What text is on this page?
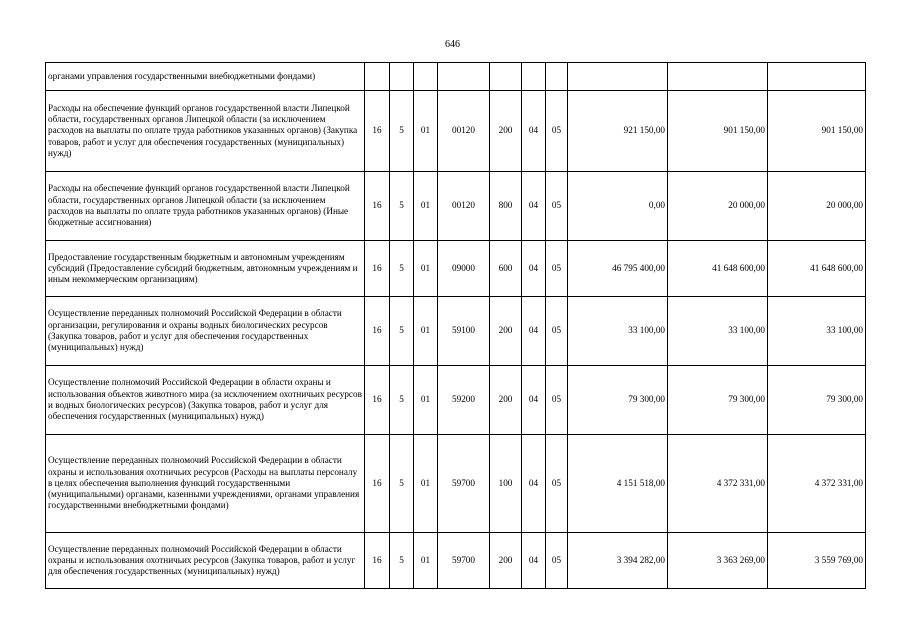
646
органами управления государственными внебюджетными фондами)										
Расходы на обеспечение функций органов государственной власти Липецкой области, государственных органов Липецкой области (за исключением расходов на выплаты по оплате труда работников указанных органов) (Закупка товаров, работ и услуг для обеспечения государственных (муниципальных) нужд)	16	5	01	00120	200	04	05	921 150,00	901 150,00	901 150,00
Расходы на обеспечение функций органов государственной власти Липецкой области, государственных органов Липецкой области (за исключением расходов на выплаты по оплате труда работников указанных органов) (Иные бюджетные ассигнования)	16	5	01	00120	800	04	05	0,00	20 000,00	20 000,00
Предоставление государственным бюджетным и автономным учреждениям субсидий (Предоставление субсидий бюджетным, автономным учреждениям и иным некоммерческим организациям)	16	5	01	09000	600	04	05	46 795 400,00	41 648 600,00	41 648 600,00
Осуществление переданных полномочий Российской Федерации в области организации, регулирования и охраны водных биологических ресурсов (Закупка товаров, работ и услуг для обеспечения государственных (муниципальных) нужд)	16	5	01	59100	200	04	05	33 100,00	33 100,00	33 100,00
Осуществление полномочий Российской Федерации в области охраны и использования объектов животного мира (за исключением охотничьих ресурсов и водных биологических ресурсов) (Закупка товаров, работ и услуг для обеспечения государственных (муниципальных) нужд)	16	5	01	59200	200	04	05	79 300,00	79 300,00	79 300,00
Осуществление переданных полномочий Российской Федерации в области охраны и использования охотничьих ресурсов (Расходы на выплаты персоналу в целях обеспечения выполнения функций государственными (муниципальными) органами, казенными учреждениями, органами управления государственными внебюджетными фондами)	16	5	01	59700	100	04	05	4 151 518,00	4 372 331,00	4 372 331,00
Осуществление переданных полномочий Российской Федерации в области охраны и использования охотничьих ресурсов (Закупка товаров, работ и услуг для обеспечения государственных (муниципальных) нужд)	16	5	01	59700	200	04	05	3 394 282,00	3 363 269,00	3 559 769,00
